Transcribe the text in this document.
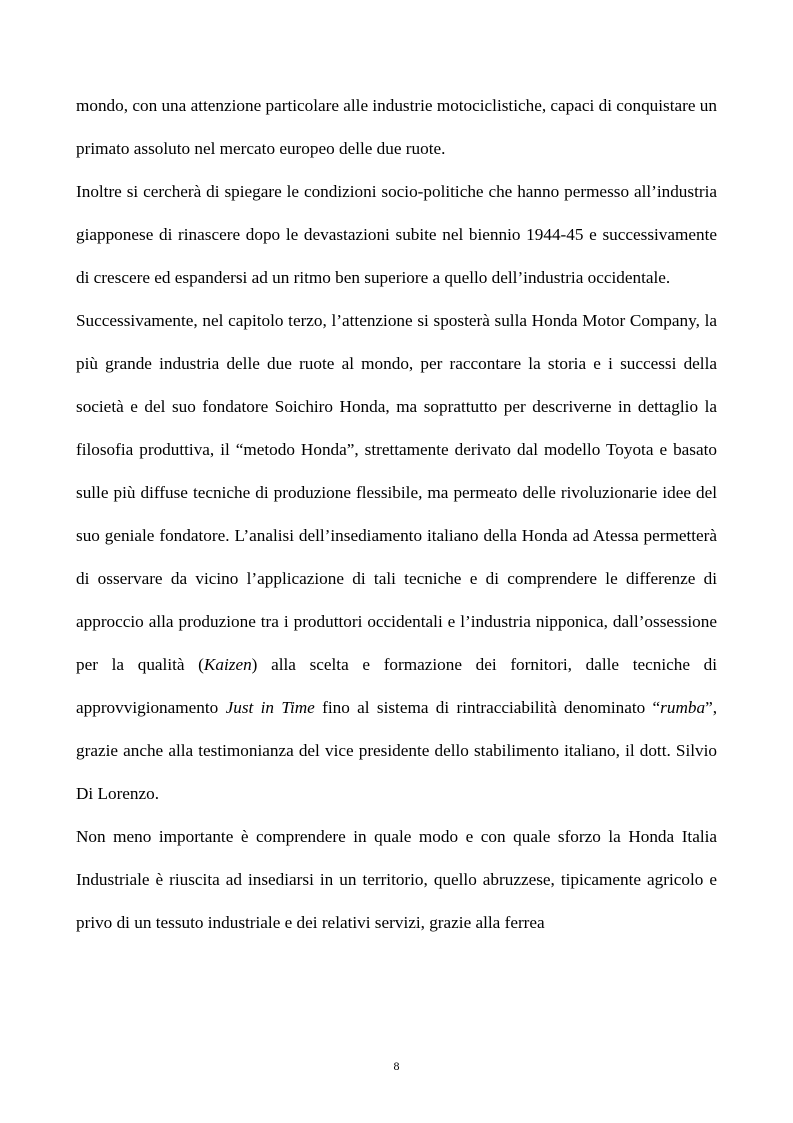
mondo, con una attenzione particolare alle industrie motociclistiche, capaci di conquistare un primato assoluto nel mercato europeo delle due ruote.

Inoltre si cercherà di spiegare le condizioni socio-politiche che hanno permesso all’industria giapponese di rinascere dopo le devastazioni subite nel biennio 1944-45 e successivamente di crescere ed espandersi ad un ritmo ben superiore a quello dell’industria occidentale.

Successivamente, nel capitolo terzo, l’attenzione si sposterà sulla Honda Motor Company, la più grande industria delle due ruote al mondo, per raccontare la storia e i successi della società e del suo fondatore Soichiro Honda, ma soprattutto per descriverne in dettaglio la filosofia produttiva, il “metodo Honda”, strettamente derivato dal modello Toyota e basato sulle più diffuse tecniche di produzione flessibile, ma permeato delle rivoluzionarie idee del suo geniale fondatore. L’analisi dell’insediamento italiano della Honda ad Atessa permetterà di osservare da vicino l’applicazione di tali tecniche e di comprendere le differenze di approccio alla produzione tra i produttori occidentali e l’industria nipponica, dall’ossessione per la qualità (Kaizen) alla scelta e formazione dei fornitori, dalle tecniche di approvvigionamento Just in Time fino al sistema di rintracciabilità denominato “rumba”, grazie anche alla testimonianza del vice presidente dello stabilimento italiano, il dott. Silvio Di Lorenzo.

Non meno importante è comprendere in quale modo e con quale sforzo la Honda Italia Industriale è riuscita ad insediarsi in un territorio, quello abruzzese, tipicamente agricolo e privo di un tessuto industriale e dei relativi servizi, grazie alla ferrea

8
